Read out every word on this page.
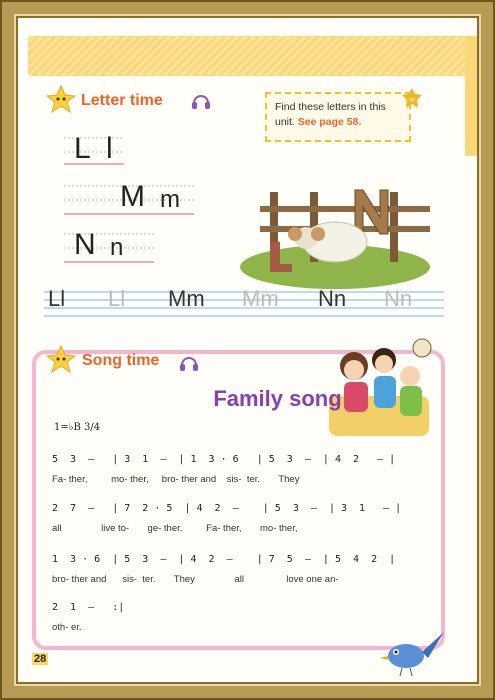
Letter time	Find these letters in this
unit. See page 58.
tip
L l
M m
N n
Ll Ll Mm Mm Nn Nn
Song time
Family song
1=♭B 3/4
5  3  –   | 3  1  –  | 1  3 · 6   | 5  3  –  | 4  2   – |
Fa- ther,         mo- ther,     bro- ther and    sis-  ter.       They
2  7  –   | 7  2 · 5  | 4  2  –    | 5  3  –  | 3  1   – |
all               live to-       ge- ther.         Fa- ther,       mo- ther,
1  3 · 6  | 5  3  –  | 4  2  –    | 7  5  –  | 5  4  2  |
bro- ther and      sis-  ter.       They               all                love one an-
2  1  –   :|
oth- er.
28
